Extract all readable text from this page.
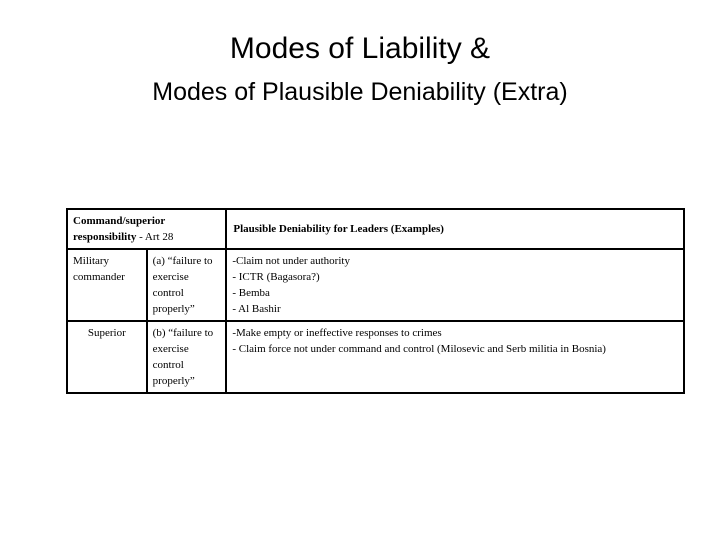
Modes of Liability &
Modes of Plausible Deniability (Extra)
Command/superior responsibility - Art 28		Plausible Deniability for Leaders (Examples)
Military commander	(a) “failure to exercise control properly”	-Claim not under authority
- ICTR (Bagasora?)
- Bemba
- Al Bashir

Superior	(b) “failure to exercise control properly”	-Make empty or ineffective responses to crimes
- Claim force not under command and control (Milosevic and Serb militia in Bosnia)
